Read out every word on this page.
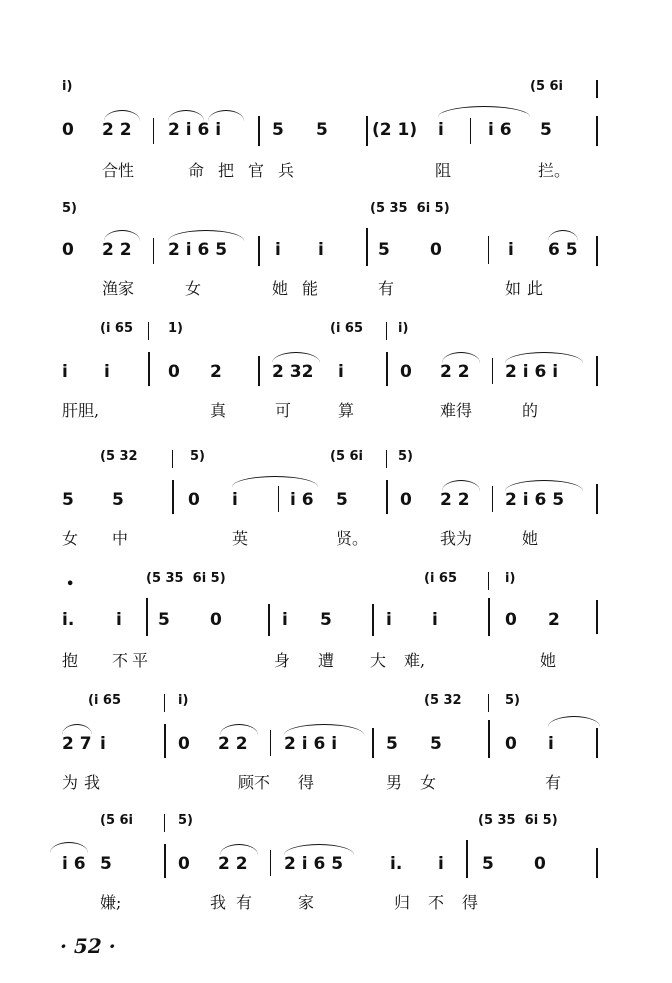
i)	(5 6i
0 2 2 2 i 6 i	5 5	(2 1) i	i 6 5
合性	命把官兵	阻	拦。
5)	(5 35  6i 5)
0 2 2 2 i 6 5	i i	5 0	i 6 5
渔家	女	她能	有	如此
(i 65	1)	(i 65	i)
i i	0 2	2 32 i	0 2 2 2 i 6 i
肝胆,	真	可	算	难得	的
(5 32	5)	(5 6i	5)
5 5	0 i	i 6 5	0 2 2 2 i 6 5
女 中	英	贤。	我为	她
•	(5 35  6i 5)	(i 65	i)
i. i 5 0	i 5	i i	0 2
抱 不平	身 遭 大 难,	她
(i 65	i)	(5 32	5)
2 7 i	0 2 2 2 i 6 i	5 5	0 i
为我	顾不 得	男女	有
(5 6i	5)	(5 35  6i 5)
i 6 5	0 2 2 2 i 6 5	i. i 5 0
嫌;	我有 家	归不得
· 52 ·
